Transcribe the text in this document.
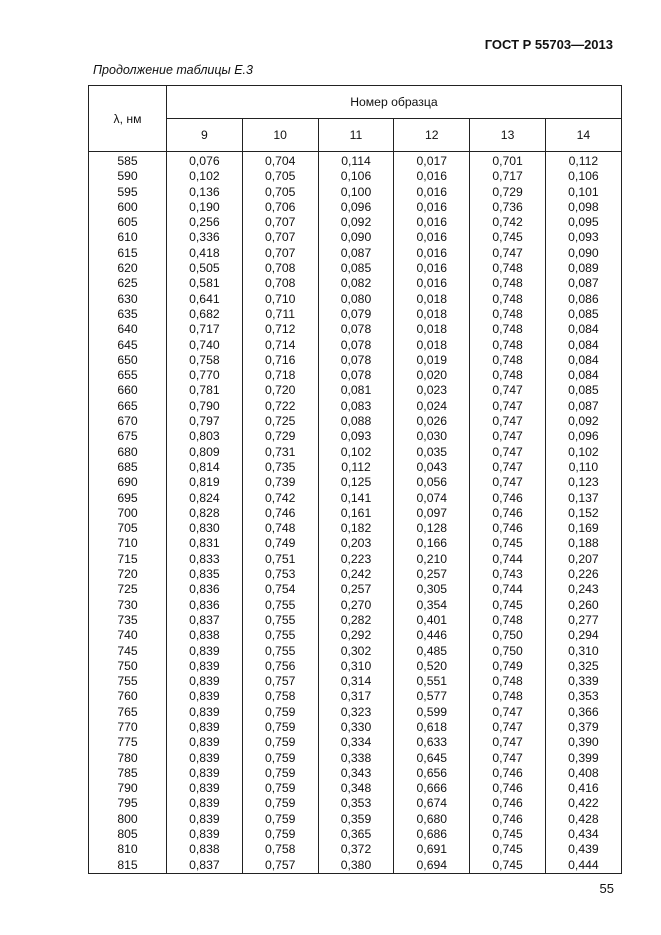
ГОСТ Р 55703—2013
Продолжение таблицы Е.3
λ, нм	Номер образца					
	9	10	11	12	13	14
585	0,076	0,704	0,114	0,017	0,701	0,112
590	0,102	0,705	0,106	0,016	0,717	0,106
595	0,136	0,705	0,100	0,016	0,729	0,101
600	0,190	0,706	0,096	0,016	0,736	0,098
605	0,256	0,707	0,092	0,016	0,742	0,095
610	0,336	0,707	0,090	0,016	0,745	0,093
615	0,418	0,707	0,087	0,016	0,747	0,090
620	0,505	0,708	0,085	0,016	0,748	0,089
625	0,581	0,708	0,082	0,016	0,748	0,087
630	0,641	0,710	0,080	0,018	0,748	0,086
635	0,682	0,711	0,079	0,018	0,748	0,085
640	0,717	0,712	0,078	0,018	0,748	0,084
645	0,740	0,714	0,078	0,018	0,748	0,084
650	0,758	0,716	0,078	0,019	0,748	0,084
655	0,770	0,718	0,078	0,020	0,748	0,084
660	0,781	0,720	0,081	0,023	0,747	0,085
665	0,790	0,722	0,083	0,024	0,747	0,087
670	0,797	0,725	0,088	0,026	0,747	0,092
675	0,803	0,729	0,093	0,030	0,747	0,096
680	0,809	0,731	0,102	0,035	0,747	0,102
685	0,814	0,735	0,112	0,043	0,747	0,110
690	0,819	0,739	0,125	0,056	0,747	0,123
695	0,824	0,742	0,141	0,074	0,746	0,137
700	0,828	0,746	0,161	0,097	0,746	0,152
705	0,830	0,748	0,182	0,128	0,746	0,169
710	0,831	0,749	0,203	0,166	0,745	0,188
715	0,833	0,751	0,223	0,210	0,744	0,207
720	0,835	0,753	0,242	0,257	0,743	0,226
725	0,836	0,754	0,257	0,305	0,744	0,243
730	0,836	0,755	0,270	0,354	0,745	0,260
735	0,837	0,755	0,282	0,401	0,748	0,277
740	0,838	0,755	0,292	0,446	0,750	0,294
745	0,839	0,755	0,302	0,485	0,750	0,310
750	0,839	0,756	0,310	0,520	0,749	0,325
755	0,839	0,757	0,314	0,551	0,748	0,339
760	0,839	0,758	0,317	0,577	0,748	0,353
765	0,839	0,759	0,323	0,599	0,747	0,366
770	0,839	0,759	0,330	0,618	0,747	0,379
775	0,839	0,759	0,334	0,633	0,747	0,390
780	0,839	0,759	0,338	0,645	0,747	0,399
785	0,839	0,759	0,343	0,656	0,746	0,408
790	0,839	0,759	0,348	0,666	0,746	0,416
795	0,839	0,759	0,353	0,674	0,746	0,422
800	0,839	0,759	0,359	0,680	0,746	0,428
805	0,839	0,759	0,365	0,686	0,745	0,434
810	0,838	0,758	0,372	0,691	0,745	0,439
815	0,837	0,757	0,380	0,694	0,745	0,444
55
